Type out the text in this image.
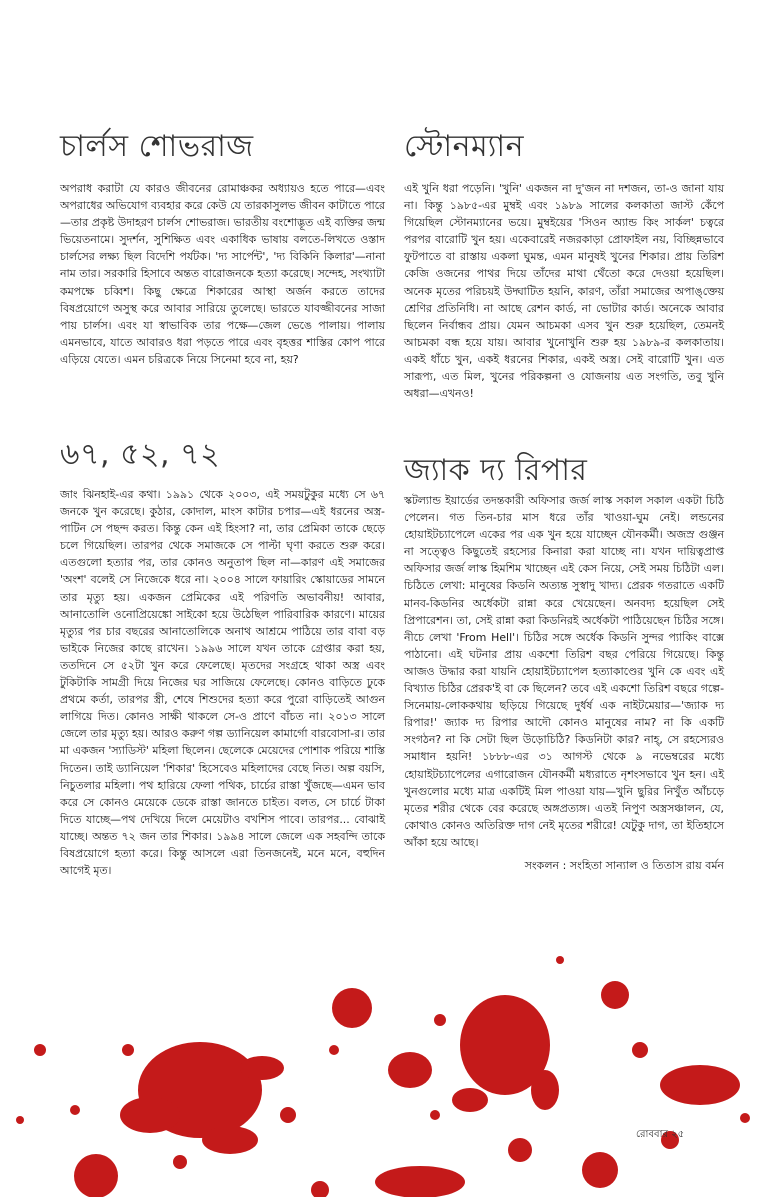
চার্লস শোভরাজ

অপরাধ করাটা যে কারও জীবনের রোমাঞ্চকর অধ্যায়ও হতে পারে—এবং অপরাধের অভিযোগ ব্যবহার করে কেউ যে তারকাসুলভ জীবন কাটাতে পারে—তার প্রকৃষ্ট উদাহরণ চার্লস শোভরাজ। ভারতীয় বংশোদ্ভূত এই ব্যক্তির জন্ম ভিয়েতনামে। সুদর্শন, সুশিক্ষিত এবং একাধিক ভাষায় বলতে-লিখতে ওস্তাদ চার্লসের লক্ষ্য ছিল বিদেশি পর্যটক। 'দ্য সার্পেন্ট', 'দ্য বিকিনি কিলার'—নানা নাম তার। সরকারি হিসাবে অন্তত বারোজনকে হত্যা করেছে। সন্দেহ, সংখ্যাটা কমপক্ষে চব্বিশ। কিছু ক্ষেত্রে শিকারের আস্থা অর্জন করতে তাদের বিষপ্রয়োগে অসুস্থ করে আবার সারিয়ে তুলেছে। ভারতে যাবজ্জীবনের সাজা পায় চার্লস। এবং যা স্বাভাবিক তার পক্ষে—জেল ভেঙে পালায়। পালায় এমনভাবে, যাতে আবারও ধরা পড়তে পারে এবং বৃহত্তর শাস্তির কোপ পারে এড়িয়ে যেতে। এমন চরিত্রকে নিয়ে সিনেমা হবে না, হয়?

৬৭, ৫২, ৭২

জাং ঝিনহাই-এর কথা। ১৯৯১ থেকে ২০০৩, এই সময়টুকুর মধ্যে সে ৬৭ জনকে খুন করেছে। কুঠার, কোদাল, মাংস কাটার চপার—এই ধরনের অস্ত্র-পাটিন সে পছন্দ করত। কিন্তু কেন এই হিংসা? না, তার প্রেমিকা তাকে ছেড়ে চলে গিয়েছিল। তারপর থেকে সমাজকে সে পাল্টা ঘৃণা করতে শুরু করে। এতগুলো হত্যার পর, তার কোনও অনুতাপ ছিল না—কারণ এই সমাজের 'অংশ' বলেই সে নিজেকে ধরে না। ২০০৪ সালে ফায়ারিং স্কোয়াডের সামনে তার মৃত্যু হয়। একজন প্রেমিকের এই পরিণতি অভাবনীয়! আবার, আনাতোলি ওনোপ্রিয়েঙ্কো সাইকো হয়ে উঠেছিল পারিবারিক কারণে। মায়ের মৃত্যুর পর চার বছরের আনাতোলিকে অনাথ আশ্রমে পাঠিয়ে তার বাবা বড় ভাইকে নিজের কাছে রাখেন। ১৯৯৬ সালে যখন তাকে গ্রেপ্তার করা হয়, ততদিনে সে ৫২টা খুন করে ফেলেছে। মৃতদের সংগ্রহে থাকা অস্ত্র এবং টুকিটাকি সামগ্রী দিয়ে নিজের ঘর সাজিয়ে ফেলেছে। কোনও বাড়িতে ঢুকে প্রথমে কর্তা, তারপর স্ত্রী, শেষে শিশুদের হত্যা করে পুরো বাড়িতেই আগুন লাগিয়ে দিত। কোনও সাক্ষী থাকলে সে-ও প্রাণে বাঁচত না। ২০১৩ সালে জেলে তার মৃত্যু হয়। আরও করুণ গল্প ড্যানিয়েল কামার্গো বারবোসা-র। তার মা একজন 'স্যাডিস্ট' মহিলা ছিলেন। ছেলেকে মেয়েদের পোশাক পরিয়ে শাস্তি দিতেন। তাই ড্যানিয়েল 'শিকার' হিসেবেও মহিলাদের বেছে নিত। অল্প বয়সি, নিচুতলার মহিলা। পথ হারিয়ে ফেলা পথিক, চার্চের রাস্তা খুঁজছে—এমন ভাব করে সে কোনও মেয়েকে ডেকে রাস্তা জানতে চাইত। বলত, সে চার্চে টাকা দিতে যাচ্ছে—পথ দেখিয়ে দিলে মেয়েটাও বখশিস পাবে। তারপর... বোঝাই যাচ্ছে। অন্তত ৭২ জন তার শিকার। ১৯৯৪ সালে জেলে এক সহবন্দি তাকে বিষপ্রয়োগে হত্যা করে। কিন্তু আসলে এরা তিনজনেই, মনে মনে, বহুদিন আগেই মৃত।

স্টোনম্যান

এই খুনি ধরা পড়েনি। 'খুনি' একজন না দু'জন না দশজন, তা-ও জানা যায় না। কিন্তু ১৯৮৫-এর মুম্বই এবং ১৯৮৯ সালের কলকাতা জাস্ট কেঁপে গিয়েছিল স্টোনম্যানের ভয়ে। মুম্বইয়ের 'সিওন অ্যান্ড কিং সার্কল' চত্বরে পরপর বারোটি খুন হয়। একেবারেই নজরকাড়া প্রোফাইল নয়, বিচ্ছিন্নভাবে ফুটপাতে বা রাস্তায় একলা ঘুমন্ত, এমন মানুষই খুনের শিকার। প্রায় তিরিশ কেজি ওজনের পাথর দিয়ে তাঁদের মাথা থেঁতো করে দেওয়া হয়েছিল। অনেক মৃতের পরিচয়ই উদ্ঘাটিত হয়নি, কারণ, তাঁরা সমাজের অপাঙ্‌ক্তেয় শ্রেণির প্রতিনিধি। না আছে রেশন কার্ড, না ভোটার কার্ড। অনেকে আবার ছিলেন নির্বান্ধব প্রায়। যেমন আচমকা এসব খুন শুরু হয়েছিল, তেমনই আচমকা বন্ধ হয়ে যায়। আবার খুনোখুনি শুরু হয় ১৯৮৯-র কলকাতায়। একই ধাঁচে খুন, একই ধরনের শিকার, একই অস্ত্র। সেই বারোটি খুন। এত সারূপ্য, এত মিল, খুনের পরিকল্পনা ও যোজনায় এত সংগতি, তবু খুনি অধরা—এখনও!

জ্যাক দ্য রিপার

স্কটল্যান্ড ইয়ার্ডের তদন্তকারী অফিসার জর্জ লাস্ক সকাল সকাল একটা চিঠি পেলেন। গত তিন-চার মাস ধরে তাঁর খাওয়া-ঘুম নেই। লন্ডনের হোয়াইটচ্যাপেলে একের পর এক খুন হয়ে যাচ্ছেন যৌনকর্মী। অজস্র গুঞ্জন না সত্ত্বেও কিছুতেই রহস্যের কিনারা করা যাচ্ছে না। যখন দায়িত্বপ্রাপ্ত অফিসার জর্জ লাস্ক হিমশিম খাচ্ছেন এই কেস নিয়ে, সেই সময় চিঠিটা এল। চিঠিতে লেখা: মানুষের কিডনি অত্যন্ত সুস্বাদু খাদ্য। প্রেরক গতরাতে একটি মানব-কিডনির অর্ধেকটা রান্না করে খেয়েছেন। অনবদ্য হয়েছিল সেই প্রিপারেশন। তা, সেই রান্না করা কিডনিরই অর্ধেকটা পাঠিয়েছেন চিঠির সঙ্গে। নীচে লেখা 'From Hell'। চিঠির সঙ্গে অর্ধেক কিডনি সুন্দর প্যাকিং বাক্সে পাঠানো। এই ঘটনার প্রায় একশো তিরিশ বছর পেরিয়ে গিয়েছে। কিন্তু আজও উদ্ধার করা যায়নি হোয়াইটচ্যাপেল হত্যাকাণ্ডের খুনি কে এবং এই বিখ্যাত চিঠির প্রেরক'ই বা কে ছিলেন? তবে এই একশো তিরিশ বছরে গল্পে-সিনেমায়-লোককথায় ছড়িয়ে গিয়েছে দুর্ধর্ষ এক নাইটমেয়ার—'জ্যাক দ্য রিপার!' জ্যাক দ্য রিপার আদৌ কোনও মানুষের নাম? না কি একটি সংগঠন? না কি সেটা ছিল উড়োচিঠি? কিডনিটা কার? নাহ্‌, সে রহস্যেরও সমাধান হয়নি! ১৮৮৮-এর ৩১ আগস্ট থেকে ৯ নভেম্বরের মধ্যে হোয়াইটচ্যাপেলের এগারোজন যৌনকর্মী মধ্যরাতে নৃশংসভাবে খুন হন। এই খুনগুলোর মধ্যে মাত্র একটিই মিল পাওয়া যায়—খুনি ছুরির নিখুঁত আঁচড়ে মৃতের শরীর থেকে বের করেছে অঙ্গপ্রত্যঙ্গ। এতই নিপুণ অস্ত্রসঞ্চালন, যে, কোথাও কোনও অতিরিক্ত দাগ নেই মৃতের শরীরে! যেটুকু দাগ, তা ইতিহাসে আঁকা হয়ে আছে।

সংকলন : সংহিতা সান্যাল ও তিতাস রায় বর্মন

রোববার ২৫
